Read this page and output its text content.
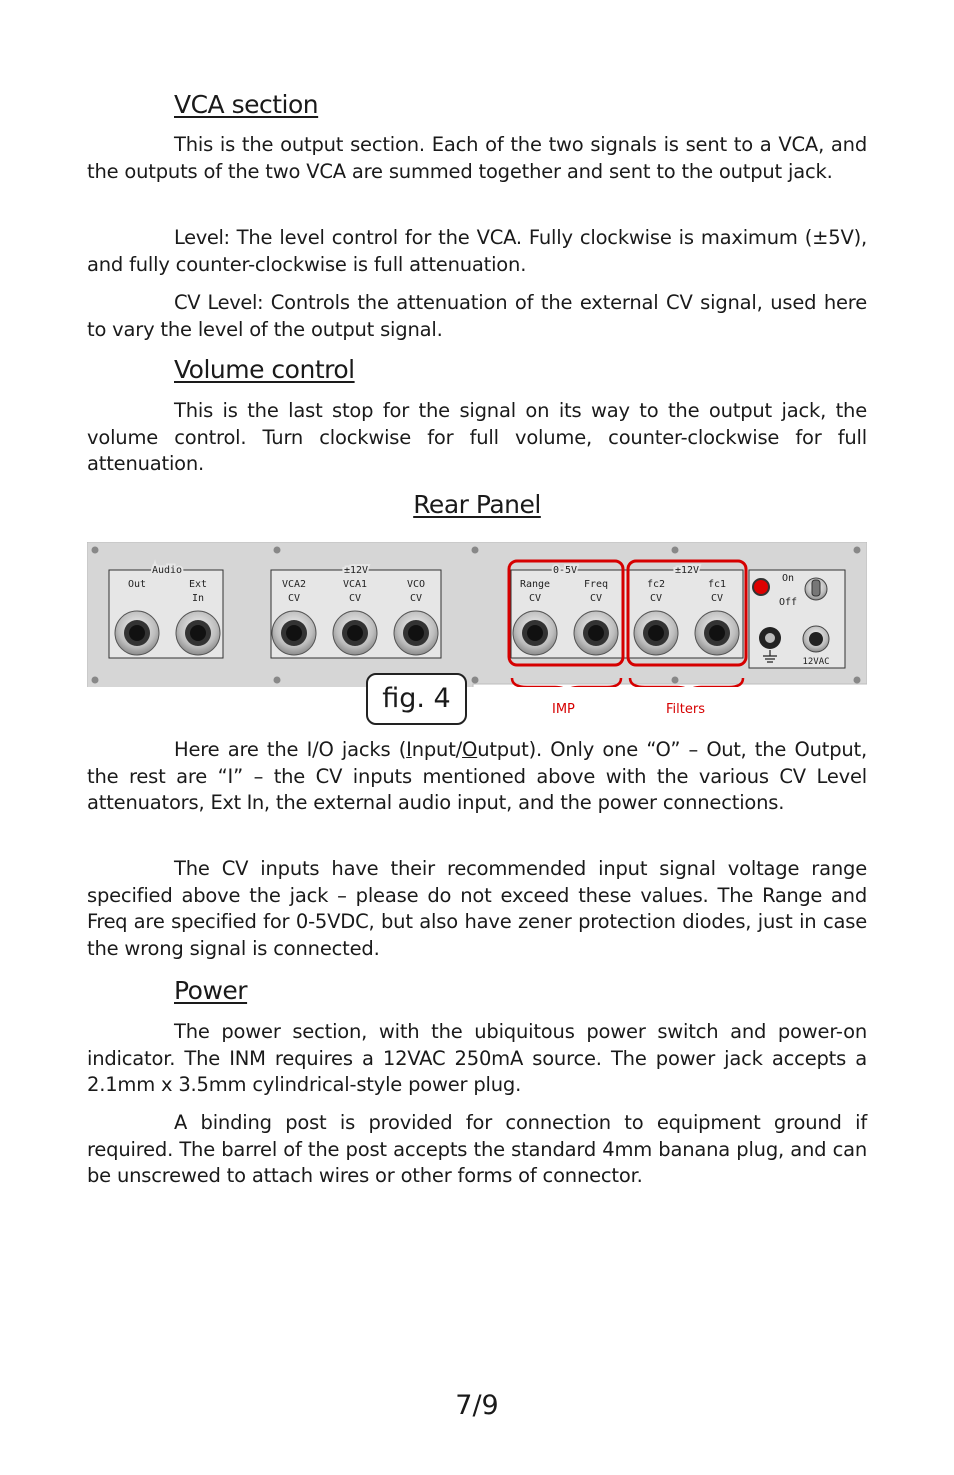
VCA section

This is the output section. Each of the two signals is sent to a VCA, and the outputs of the two VCA are summed together and sent to the output jack.

Level: The level control for the VCA. Fully clockwise is maximum (±5V), and fully counter-clockwise is full attenuation.

CV Level: Controls the attenuation of the external CV signal, used here to vary the level of the output signal.

Volume control

This is the last stop for the signal on its way to the output jack, the volume control. Turn clockwise for full volume, counter-clockwise for full attenuation.

Rear Panel
Audio
Out	Ext
In
±12V
VCA2
CV
VCA1
CV
VCO
CV
0-5V
Range
CV
Freq
CV
±12V
fc2
CV
fc1
CV
On
Off
12VAC
fig. 4	IMP	Filters

Here are the I/O jacks (Input/Output). Only one “O” – Out, the Output, the rest are “I” – the CV inputs mentioned above with the various CV Level attenuators, Ext In, the external audio input, and the power connections.

The CV inputs have their recommended input signal voltage range specified above the jack – please do not exceed these values. The Range and Freq are specified for 0-5VDC, but also have zener protection diodes, just in case the wrong signal is connected.

Power

The power section, with the ubiquitous power switch and power-on indicator. The INM requires a 12VAC 250mA source. The power jack accepts a 2.1mm x 3.5mm cylindrical-style power plug.

A binding post is provided for connection to equipment ground if required. The barrel of the post accepts the standard 4mm banana plug, and can be unscrewed to attach wires or other forms of connector.

7/9
